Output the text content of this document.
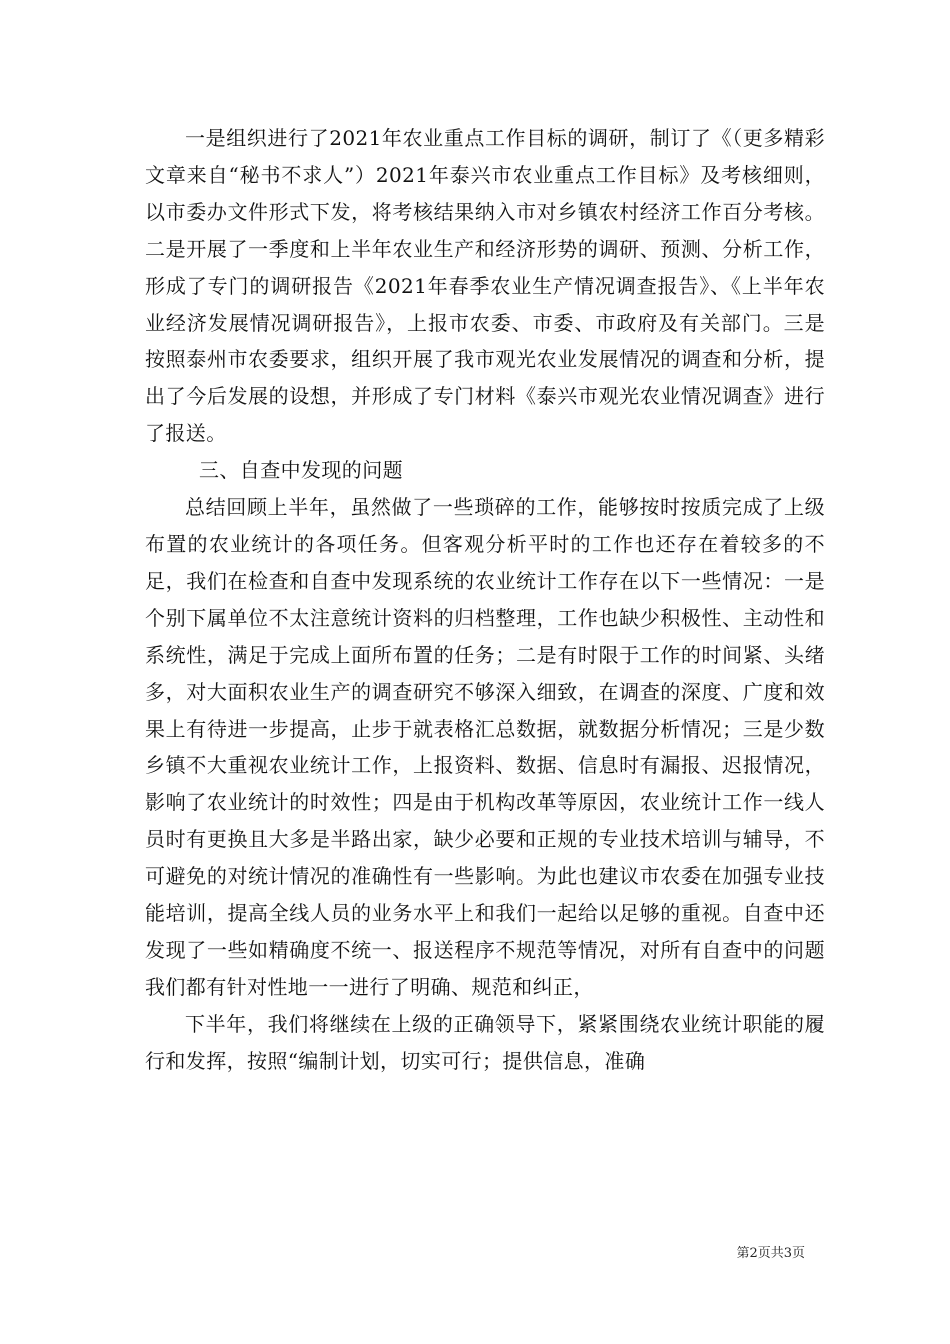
一是组织进行了2021年农业重点工作目标的调研，制订了《（更多精彩文章来自“秘书不求人”）2021年泰兴市农业重点工作目标》及考核细则，以市委办文件形式下发，将考核结果纳入市对乡镇农村经济工作百分考核。二是开展了一季度和上半年农业生产和经济形势的调研、预测、分析工作，形成了专门的调研报告《2021年春季农业生产情况调查报告》、《上半年农业经济发展情况调研报告》，上报市农委、市委、市政府及有关部门。三是按照泰州市农委要求，组织开展了我市观光农业发展情况的调查和分析，提出了今后发展的设想，并形成了专门材料《泰兴市观光农业情况调查》进行了报送。

三、自查中发现的问题

总结回顾上半年，虽然做了一些琐碎的工作，能够按时按质完成了上级布置的农业统计的各项任务。但客观分析平时的工作也还存在着较多的不足，我们在检查和自查中发现系统的农业统计工作存在以下一些情况：一是个别下属单位不太注意统计资料的归档整理，工作也缺少积极性、主动性和系统性，满足于完成上面所布置的任务；二是有时限于工作的时间紧、头绪多，对大面积农业生产的调查研究不够深入细致，在调查的深度、广度和效果上有待进一步提高，止步于就表格汇总数据，就数据分析情况；三是少数乡镇不大重视农业统计工作，上报资料、数据、信息时有漏报、迟报情况，影响了农业统计的时效性；四是由于机构改革等原因，农业统计工作一线人员时有更换且大多是半路出家，缺少必要和正规的专业技术培训与辅导，不可避免的对统计情况的准确性有一些影响。为此也建议市农委在加强专业技能培训，提高全线人员的业务水平上和我们一起给以足够的重视。自查中还发现了一些如精确度不统一、报送程序不规范等情况，对所有自查中的问题我们都有针对性地一一进行了明确、规范和纠正，

下半年，我们将继续在上级的正确领导下，紧紧围绕农业统计职能的履行和发挥，按照“编制计划，切实可行；提供信息，准确

第2页共3页
